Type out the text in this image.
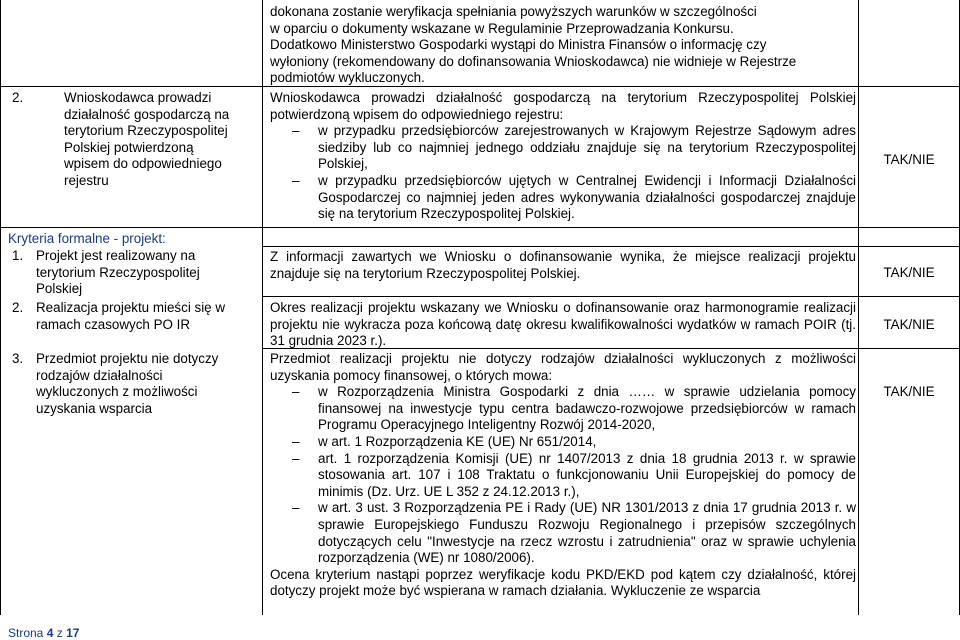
dokonana zostanie weryfikacja spełniania powyższych warunków w szczególności
w oparciu o dokumenty wskazane w Regulaminie Przeprowadzania Konkursu.
Dodatkowo Ministerstwo Gospodarki wystąpi do Ministra Finansów o informację czy
wyłoniony (rekomendowany do dofinansowania Wnioskodawca) nie widnieje w Rejestrze
podmiotów wykluczonych.
2.	Wnioskodawca prowadzi działalność gospodarczą na terytorium Rzeczypospolitej Polskiej potwierdzoną wpisem do odpowiedniego rejestru
Wnioskodawca prowadzi działalność gospodarczą na terytorium Rzeczypospolitej Polskiej potwierdzoną wpisem do odpowiedniego rejestru:
– w przypadku przedsiębiorców zarejestrowanych w Krajowym Rejestrze Sądowym adres siedziby lub co najmniej jednego oddziału znajduje się na terytorium Rzeczypospolitej Polskiej,
– w przypadku przedsiębiorców ujętych w Centralnej Ewidencji i Informacji Działalności Gospodarczej co najmniej jeden adres wykonywania działalności gospodarczej znajduje się na terytorium Rzeczypospolitej Polskiej.
TAK/NIE
Kryteria formalne - projekt:
1. Projekt jest realizowany na terytorium Rzeczypospolitej Polskiej
Z informacji zawartych we Wniosku o dofinansowanie wynika, że miejsce realizacji projektu znajduje się na terytorium Rzeczypospolitej Polskiej.	TAK/NIE
2. Realizacja projektu mieści się w ramach czasowych PO IR
Okres realizacji projektu wskazany we Wniosku o dofinansowanie oraz harmonogramie realizacji projektu nie wykracza poza końcową datę okresu kwalifikowalności wydatków w ramach POIR (tj. 31 grudnia 2023 r.).
TAK/NIE
3. Przedmiot projektu nie dotyczy rodzajów działalności wykluczonych z możliwości uzyskania wsparcia
Przedmiot realizacji projektu nie dotyczy rodzajów działalności wykluczonych z możliwości uzyskania pomocy finansowej, o których mowa:
– w Rozporządzenia Ministra Gospodarki z dnia …… w sprawie udzielania pomocy finansowej na inwestycje typu centra badawczo-rozwojowe przedsiębiorców w ramach Programu Operacyjnego Inteligentny Rozwój 2014-2020,
– w art. 1 Rozporządzenia KE (UE) Nr 651/2014,
– art. 1 rozporządzenia Komisji (UE) nr 1407/2013 z dnia 18 grudnia 2013 r. w sprawie stosowania art. 107 i 108 Traktatu o funkcjonowaniu Unii Europejskiej do pomocy de minimis (Dz. Urz. UE L 352 z 24.12.2013 r.),
– w art. 3 ust. 3 Rozporządzenia PE i Rady (UE) NR 1301/2013 z dnia 17 grudnia 2013 r. w sprawie Europejskiego Funduszu Rozwoju Regionalnego i przepisów szczególnych dotyczących celu "Inwestycje na rzecz wzrostu i zatrudnienia" oraz w sprawie uchylenia rozporządzenia (WE) nr 1080/2006).
Ocena kryterium nastąpi poprzez weryfikacje kodu PKD/EKD pod kątem czy działalność, której dotyczy projekt może być wspierana w ramach działania. Wykluczenie ze wsparcia
TAK/NIE
Strona 4 z 17
